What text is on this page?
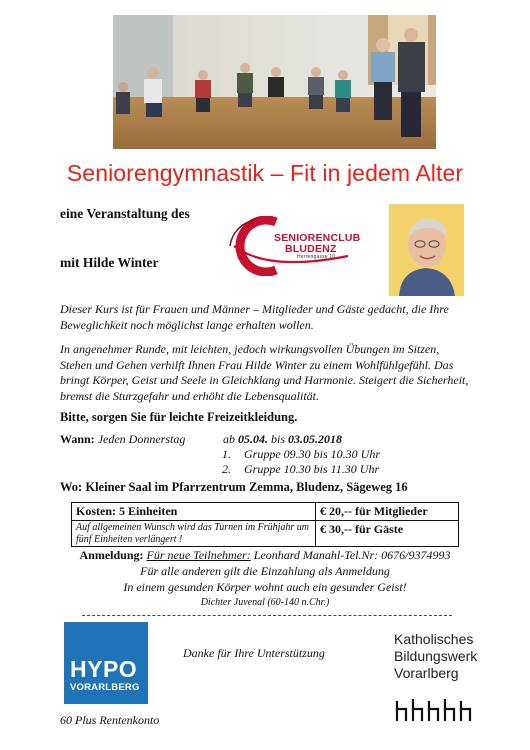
Seniorengymnastik – Fit in jedem Alter
eine Veranstaltung des
mit Hilde Winter
SENIORENCLUB
BLUDENZ
Herrengasse 10
Dieser Kurs ist für Frauen und Männer – Mitglieder und Gäste gedacht, die Ihre Beweglichkeit noch möglichst lange erhalten wollen.
In angenehmer Runde, mit leichten, jedoch wirkungsvollen Übungen im Sitzen, Stehen und Gehen verhilft Ihnen Frau Hilde Winter zu einem Wohlfühlgefühl. Das bringt Körper, Geist und Seele in Gleichklang und Harmonie. Steigert die Sicherheit, bremst die Sturzgefahr und erhöht die Lebensqualität.
Bitte, sorgen Sie für leichte Freizeitkleidung.
Wann: Jeden Donnerstag	ab 05.04. bis 03.05.2018
1. Gruppe 09.30 bis 10.30 Uhr
2. Gruppe 10.30 bis 11.30 Uhr
Wo: Kleiner Saal im Pfarrzentrum Zemma, Bludenz, Sägeweg 16
Kosten: 5 Einheiten	€ 20,-- für Mitglieder
Auf allgemeinen Wunsch wird das Turnen im Frühjahr um fünf Einheiten verlängert !	€ 30,-- für Gäste
Anmeldung: Für neue Teilnehmer: Leonhard Manahl-Tel.Nr: 0676/9374993
Für alle anderen gilt die Einzahlung als Anmeldung
In einem gesunden Körper wohnt auch ein gesunder Geist!
Dichter Juvenal (60-140 n.Chr.)
HYPO
VORARLBERG
60 Plus Rentenkonto
Danke für Ihre Unterstützung
Katholisches
Bildungswerk
Vorarlberg
